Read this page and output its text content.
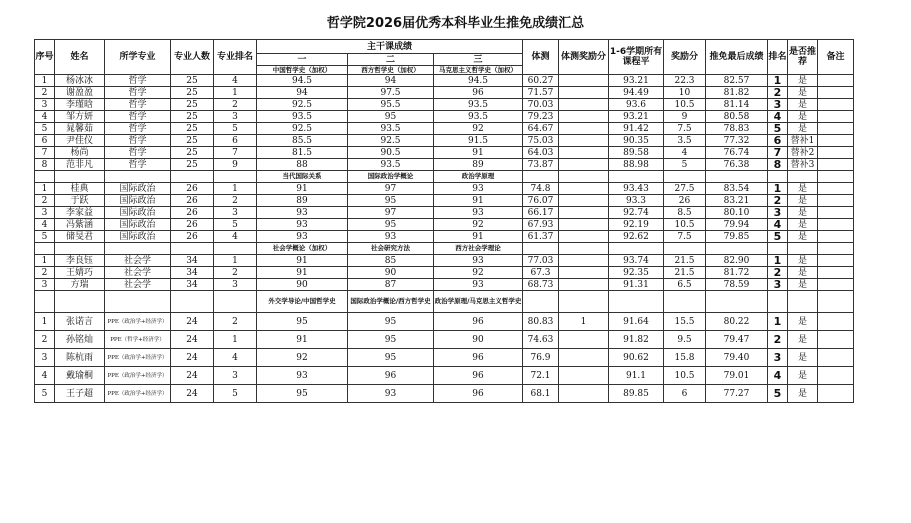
哲学院2026届优秀本科毕业生推免成绩汇总
序号	姓名	所学专业	专业人数	专业排名	主干课成绩			体测	体测奖励分	1-6学期所有课程平	奖励分	推免最后成绩	排名	是否推荐	备注
					一	二	三								
					中国哲学史（加权）	西方哲学史（加权）	马克思主义哲学史（加权）								
1	杨冰冰	哲学	25	4	94.5	94	94.5	60.27		93.21	22.3	82.57	1	是	
2	谢盈盈	哲学	25	1	94	97.5	96	71.57		94.49	10	81.82	2	是	
3	李瑾晗	哲学	25	2	92.5	95.5	93.5	70.03		93.6	10.5	81.14	3	是	
4	邹方妍	哲学	25	3	93.5	95	93.5	79.23		93.21	9	80.58	4	是	
5	晁馨茹	哲学	25	5	92.5	93.5	92	64.67		91.42	7.5	78.83	5	是	
6	尹佳仪	哲学	25	6	85.5	92.5	91.5	75.03		90.35	3.5	77.32	6	替补1	
7	杨尚	哲学	25	7	81.5	90.5	91	64.03		89.58	4	76.74	7	替补2	
8	范非凡	哲学	25	9	88	93.5	89	73.87		88.98	5	76.38	8	替补3	
					当代国际关系	国际政治学概论	政治学原理								
1	桂典	国际政治	26	1	91	97	93	74.8		93.43	27.5	83.54	1	是	
2	于跃	国际政治	26	2	89	95	91	76.07		93.3	26	83.21	2	是	
3	李家益	国际政治	26	3	93	97	93	66.17		92.74	8.5	80.10	3	是	
4	冯紫涵	国际政治	26	5	93	95	92	67.93		92.19	10.5	79.94	4	是	
5	储旻君	国际政治	26	4	93	93	91	61.37		92.62	7.5	79.85	5	是	
					社会学概论（加权）	社会研究方法	西方社会学理论								
1	李良钰	社会学	34	1	91	85	93	77.03		93.74	21.5	82.90	1	是	
2	王婧巧	社会学	34	2	91	90	92	67.3		92.35	21.5	81.72	2	是	
3	方瑞	社会学	34	3	90	87	93	68.73		91.31	6.5	78.59	3	是	
					外交学导论/中国哲学史	国际政治学概论/西方哲学史	政治学原理/马克思主义哲学史								
1	张诺言	PPE（政治学+经济学）	24	2	95	95	96	80.83	1	91.64	15.5	80.22	1	是	
2	孙铭灿	PPE（哲学+经济学）	24	1	91	95	90	74.63		91.82	9.5	79.47	2	是	
3	陈杭雨	PPE（政治学+经济学）	24	4	92	95	96	76.9		90.62	15.8	79.40	3	是	
4	戴瑜桐	PPE（政治学+经济学）	24	3	93	96	96	72.1		91.1	10.5	79.01	4	是	
5	王子超	PPE（政治学+经济学）	24	5	95	93	96	68.1		89.85	6	77.27	5	是	
